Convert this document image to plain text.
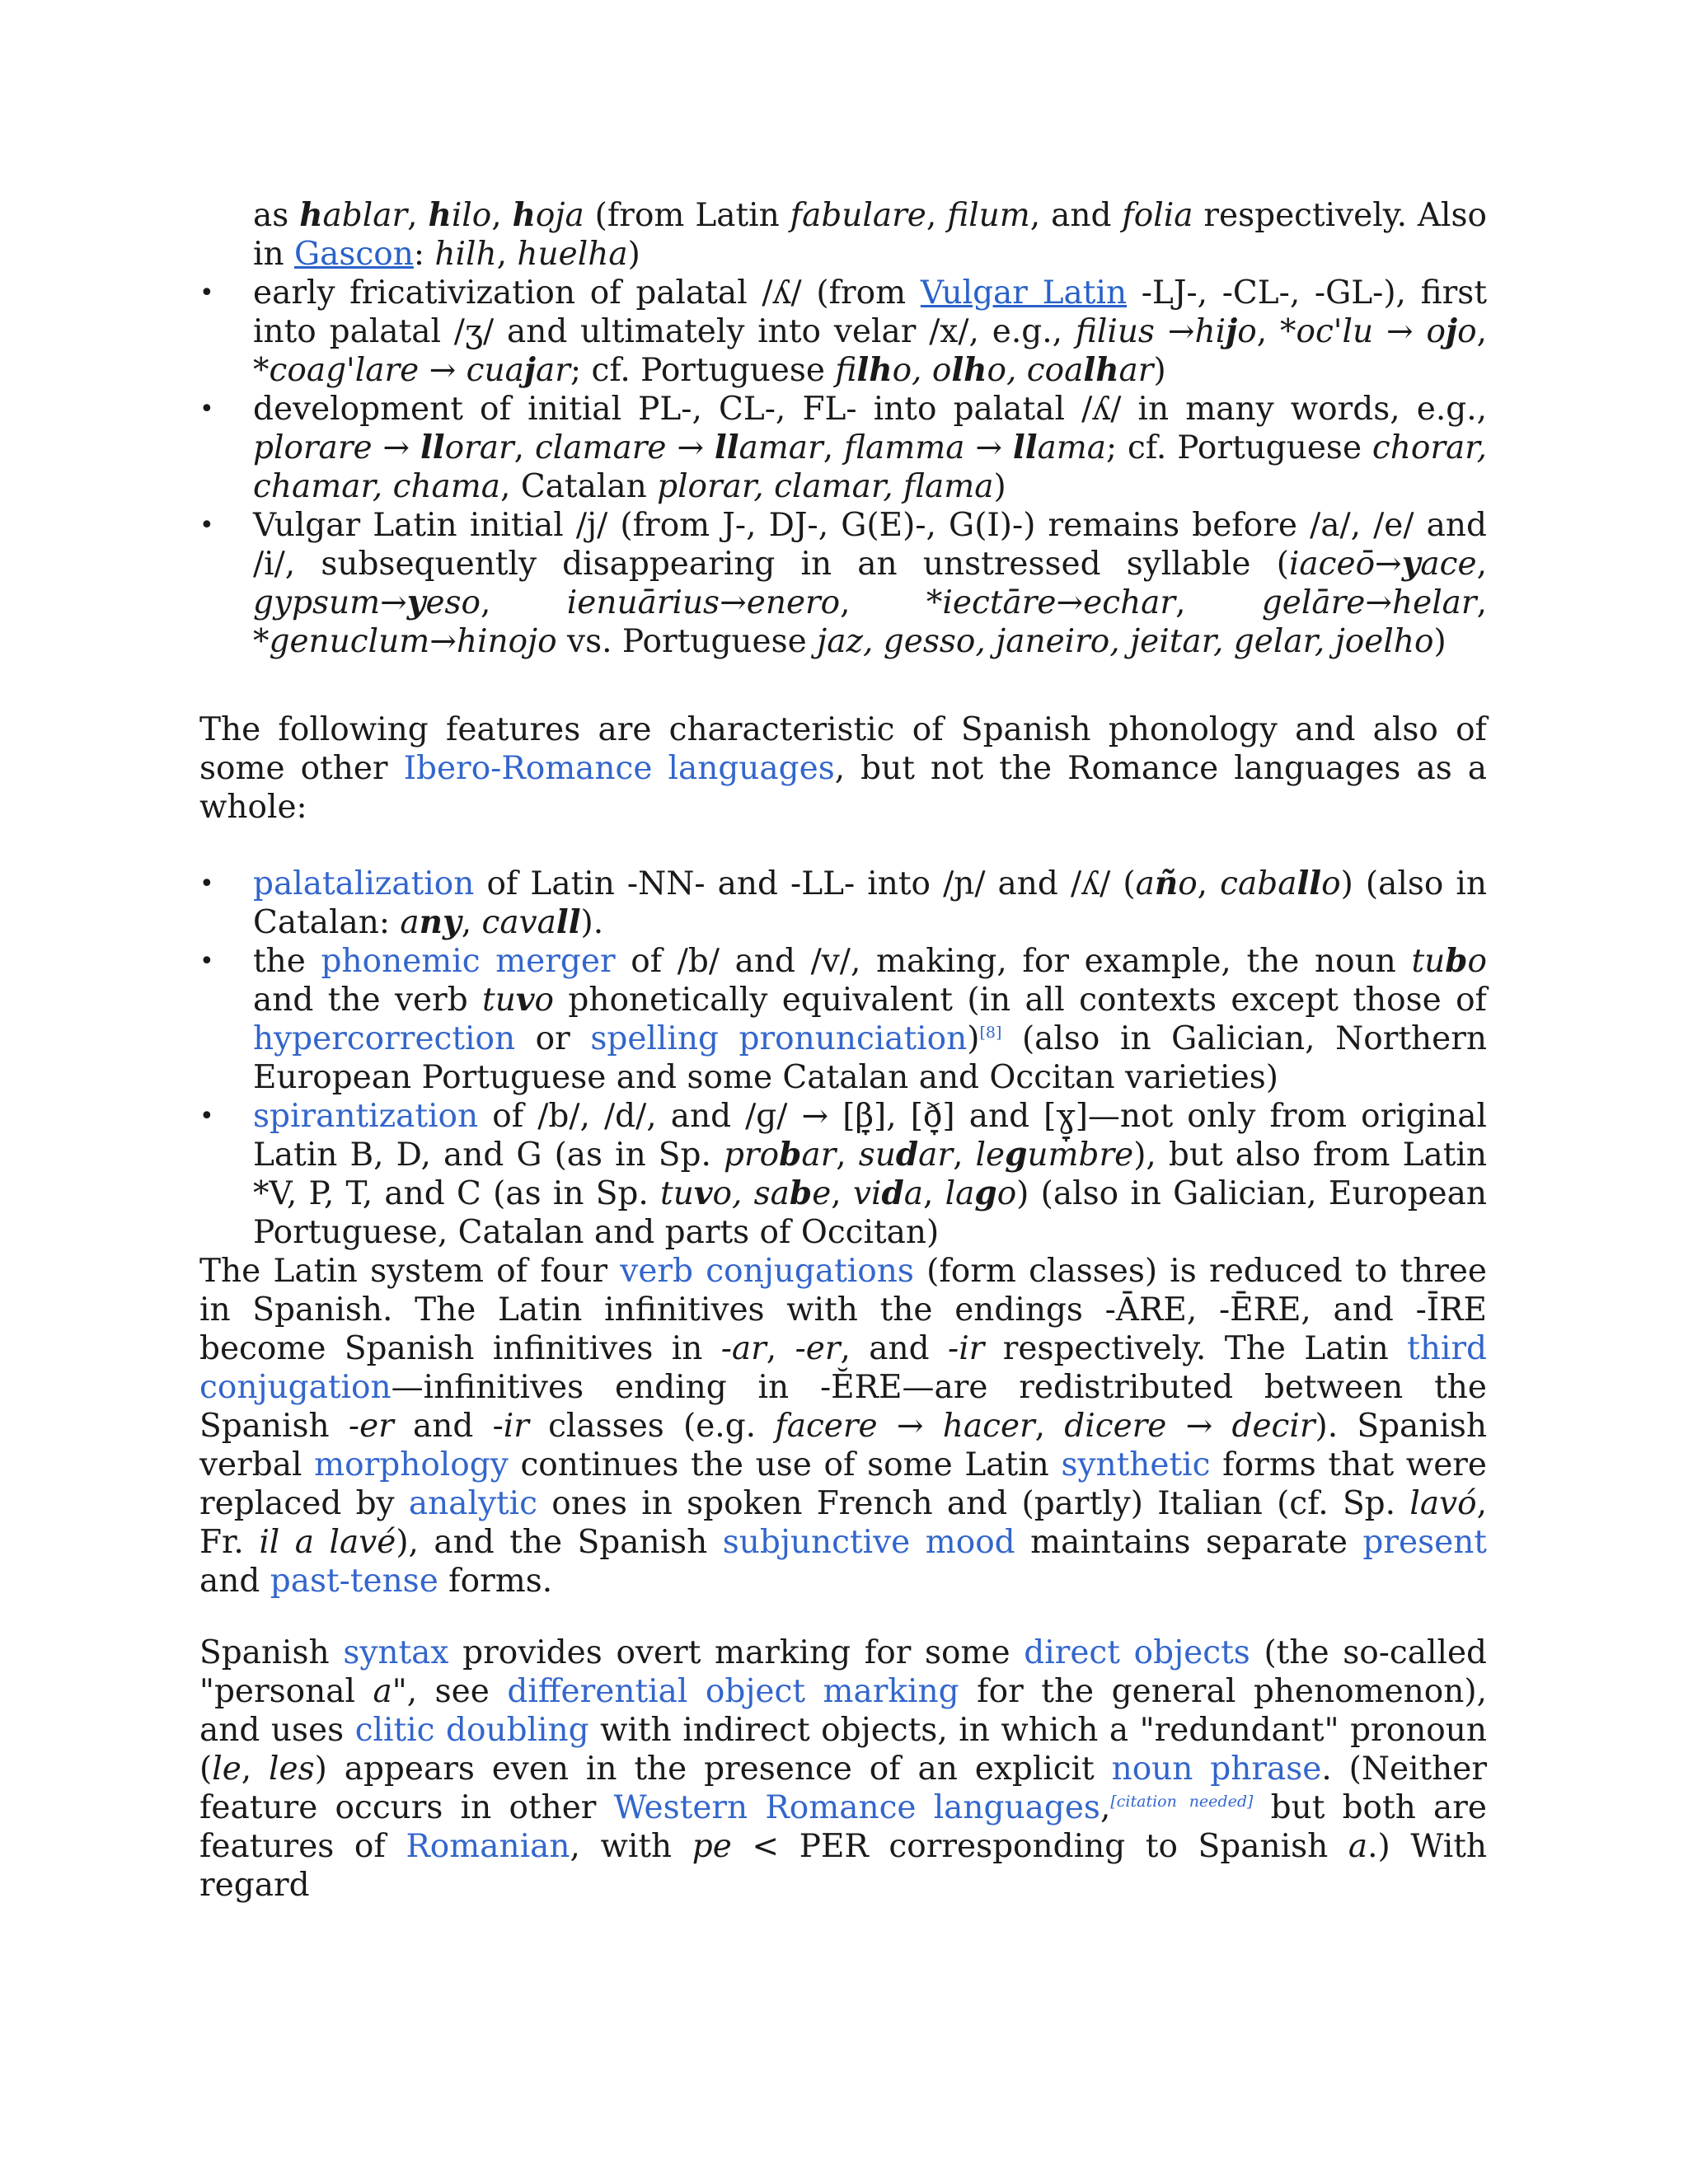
as hablar, hilo, hoja (from Latin fabulare, filum, and folia respectively. Also in Gascon: hilh, huelha)
• early fricativization of palatal /ʎ/ (from Vulgar Latin -LJ-, -CL-, -GL-), first into palatal /ʒ/ and ultimately into velar /x/, e.g., filius →hijo, *oc'lu → ojo, *coag'lare → cuajar; cf. Portuguese filho, olho, coalhar)
• development of initial PL-, CL-, FL- into palatal /ʎ/ in many words, e.g., plorare → llorar, clamare → llamar, flamma → llama; cf. Portuguese chorar, chamar, chama, Catalan plorar, clamar, flama)
• Vulgar Latin initial /j/ (from J-, DJ-, G(E)-, G(I)-) remains before /a/, /e/ and /i/, subsequently disappearing in an unstressed syllable (iaceō→yace, gypsum→yeso, ienuārius→enero, *iectāre→echar, gelāre→helar, *genuclum→hinojo vs. Portuguese jaz, gesso, janeiro, jeitar, gelar, joelho)

The following features are characteristic of Spanish phonology and also of some other Ibero-Romance languages, but not the Romance languages as a whole:

• palatalization of Latin -NN- and -LL- into /ɲ/ and /ʎ/ (año, caballo) (also in Catalan: any, cavall).
• the phonemic merger of /b/ and /v/, making, for example, the noun tubo and the verb tuvo phonetically equivalent (in all contexts except those of hypercorrection or spelling pronunciation)[8] (also in Galician, Northern European Portuguese and some Catalan and Occitan varieties)
• spirantization of /b/, /d/, and /ɡ/ → [β̞], [ð̞] and [ɣ̞]—not only from original Latin B, D, and G (as in Sp. probar, sudar, legumbre), but also from Latin *V, P, T, and C (as in Sp. tuvo, sabe, vida, lago) (also in Galician, European Portuguese, Catalan and parts of Occitan)

The Latin system of four verb conjugations (form classes) is reduced to three in Spanish. The Latin infinitives with the endings -ĀRE, -ĒRE, and -ĪRE become Spanish infinitives in -ar, -er, and -ir respectively. The Latin third conjugation—infinitives ending in -ĔRE—are redistributed between the Spanish -er and -ir classes (e.g. facere → hacer, dicere → decir). Spanish verbal morphology continues the use of some Latin synthetic forms that were replaced by analytic ones in spoken French and (partly) Italian (cf. Sp. lavó, Fr. il a lavé), and the Spanish subjunctive mood maintains separate present and past-tense forms.

Spanish syntax provides overt marking for some direct objects (the so-called "personal a", see differential object marking for the general phenomenon), and uses clitic doubling with indirect objects, in which a "redundant" pronoun (le, les) appears even in the presence of an explicit noun phrase. (Neither feature occurs in other Western Romance languages,[citation needed] but both are features of Romanian, with pe < PER corresponding to Spanish a.) With regard
